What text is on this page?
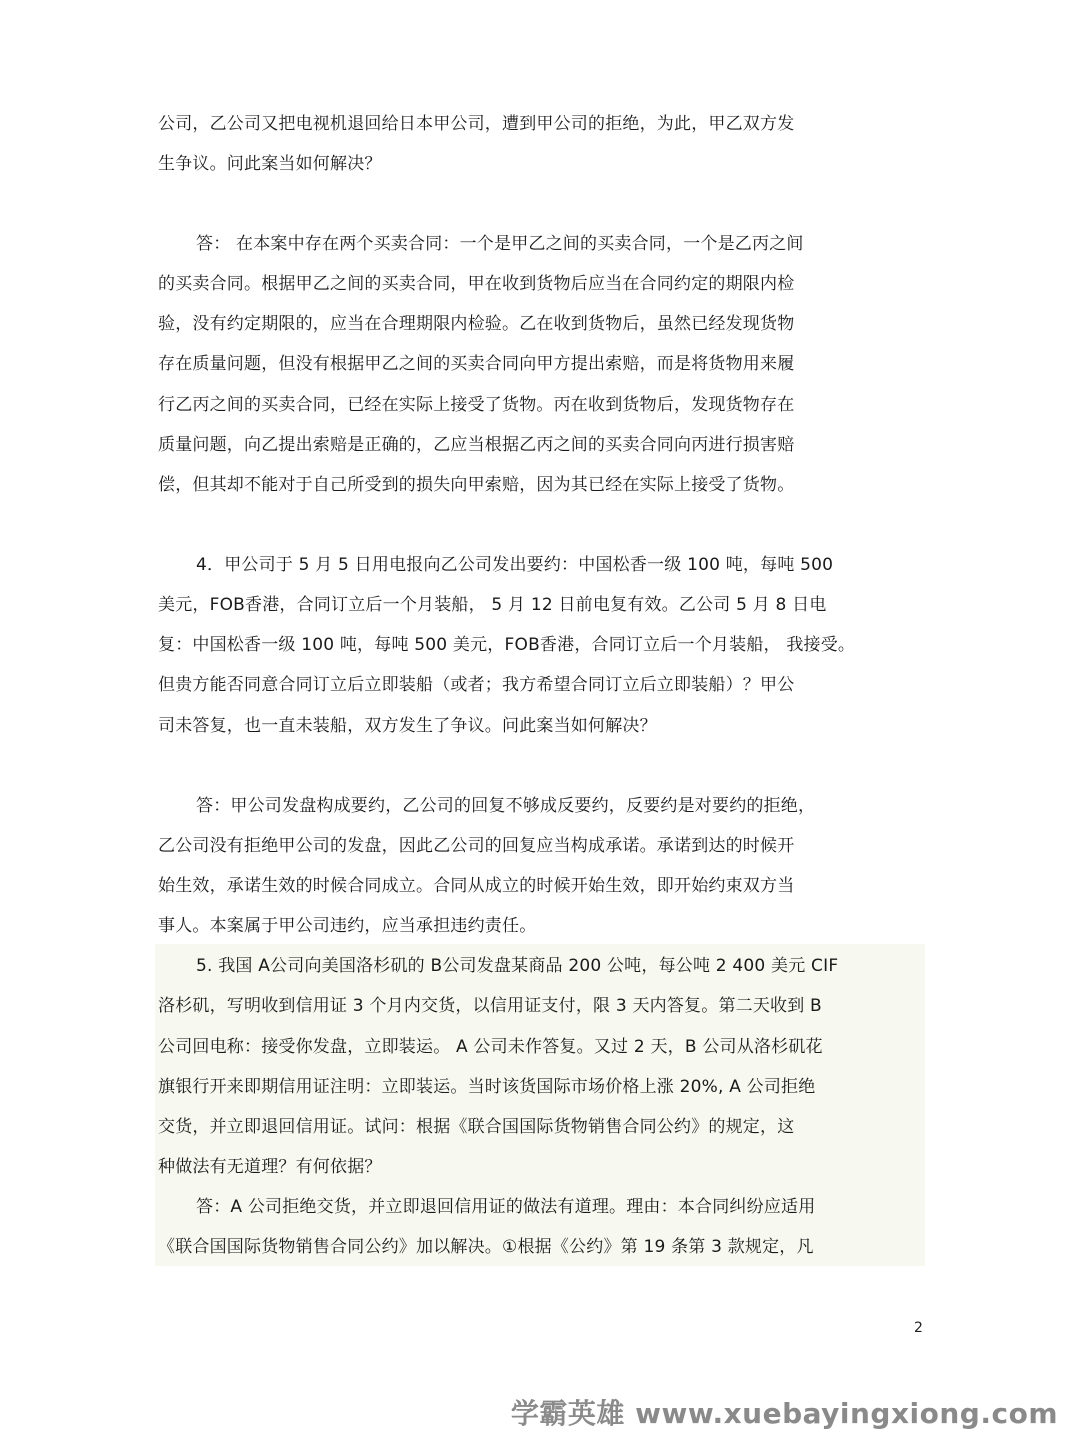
公司，乙公司又把电视机退回给日本甲公司，遭到甲公司的拒绝，为此，甲乙双方发
生争议。问此案当如何解决？
答： 在本案中存在两个买卖合同：一个是甲乙之间的买卖合同，一个是乙丙之间
的买卖合同。根据甲乙之间的买卖合同，甲在收到货物后应当在合同约定的期限内检
验，没有约定期限的，应当在合理期限内检验。乙在收到货物后，虽然已经发现货物
存在质量问题，但没有根据甲乙之间的买卖合同向甲方提出索赔，而是将货物用来履
行乙丙之间的买卖合同，已经在实际上接受了货物。丙在收到货物后，发现货物存在
质量问题，向乙提出索赔是正确的，乙应当根据乙丙之间的买卖合同向丙进行损害赔
偿，但其却不能对于自己所受到的损失向甲索赔，因为其已经在实际上接受了货物。
4．甲公司于 5 月 5 日用电报向乙公司发出要约：中国松香一级 100 吨，每吨 500
美元，FOB香港，合同订立后一个月装船， 5 月 12 日前电复有效。乙公司 5 月 8 日电
复：中国松香一级 100 吨，每吨 500 美元，FOB香港，合同订立后一个月装船， 我接受。
但贵方能否同意合同订立后立即装船（或者；我方希望合同订立后立即装船）？甲公
司未答复，也一直未装船，双方发生了争议。问此案当如何解决？
答：甲公司发盘构成要约，乙公司的回复不够成反要约，反要约是对要约的拒绝，
乙公司没有拒绝甲公司的发盘，因此乙公司的回复应当构成承诺。承诺到达的时候开
始生效，承诺生效的时候合同成立。合同从成立的时候开始生效，即开始约束双方当
事人。本案属于甲公司违约，应当承担违约责任。
5. 我国 A公司向美国洛杉矶的 B公司发盘某商品 200 公吨，每公吨 2 400 美元 CIF
洛杉矶，写明收到信用证 3 个月内交货，以信用证支付，限 3 天内答复。第二天收到 B
公司回电称：接受你发盘，立即装运。 A 公司未作答复。又过 2 天，B 公司从洛杉矶花
旗银行开来即期信用证注明：立即装运。当时该货国际市场价格上涨 20%, A 公司拒绝
交货，并立即退回信用证。试问：根据《联合国国际货物销售合同公约》的规定，这
种做法有无道理？有何依据？
答：A 公司拒绝交货，并立即退回信用证的做法有道理。理由：本合同纠纷应适用
《联合国国际货物销售合同公约》加以解决。①根据《公约》第 19 条第 3 款规定，凡
2
学霸英雄 www.xuebayingxiong.com
